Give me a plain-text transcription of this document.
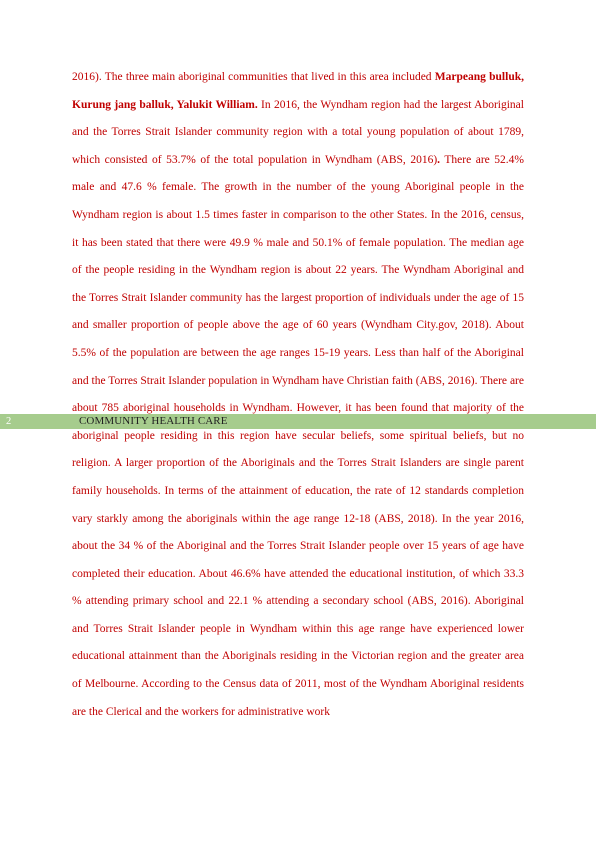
2016). The three main aboriginal communities that lived in this area included Marpeang bulluk, Kurung jang balluk, Yalukit William. In 2016, the Wyndham region had the largest Aboriginal and the Torres Strait Islander community region with a total young population of about 1789, which consisted of 53.7% of the total population in Wyndham (ABS, 2016). There are 52.4% male and 47.6 % female. The growth in the number of the young Aboriginal people in the Wyndham region is about 1.5 times faster in comparison to the other States. In the 2016, census, it has been stated that there were 49.9 % male and 50.1% of female population. The median age of the people residing in the Wyndham region is about 22 years. The Wyndham Aboriginal and the Torres Strait Islander community has the largest proportion of individuals under the age of 15 and smaller proportion of people above the age of 60 years (Wyndham City.gov, 2018). About 5.5% of the population are between the age ranges 15-19 years. Less than half of the Aboriginal and the Torres Strait Islander population in Wyndham have Christian faith (ABS, 2016). There are about 785 aboriginal households in Wyndham. However, it has been found that majority of the aboriginal people residing in this region have secular beliefs, some spiritual beliefs, but no religion. A larger proportion of the Aboriginals and the Torres Strait Islanders are single parent family households. In terms of the attainment of education, the rate of 12 standards completion vary starkly among the aboriginals within the age range 12-18 (ABS, 2018). In the year 2016, about the 34 % of the Aboriginal and the Torres Strait Islander people over 15 years of age have completed their education. About 46.6% have attended the educational institution, of which 33.3 % attending primary school and 22.1 % attending a secondary school (ABS, 2016). Aboriginal and Torres Strait Islander people in Wyndham within this age range have experienced lower educational attainment than the Aboriginals residing in the Victorian region and the greater area of Melbourne. According to the Census data of 2011, most of the Wyndham Aboriginal residents are the Clerical and the workers for administrative work

2	COMMUNITY HEALTH CARE
